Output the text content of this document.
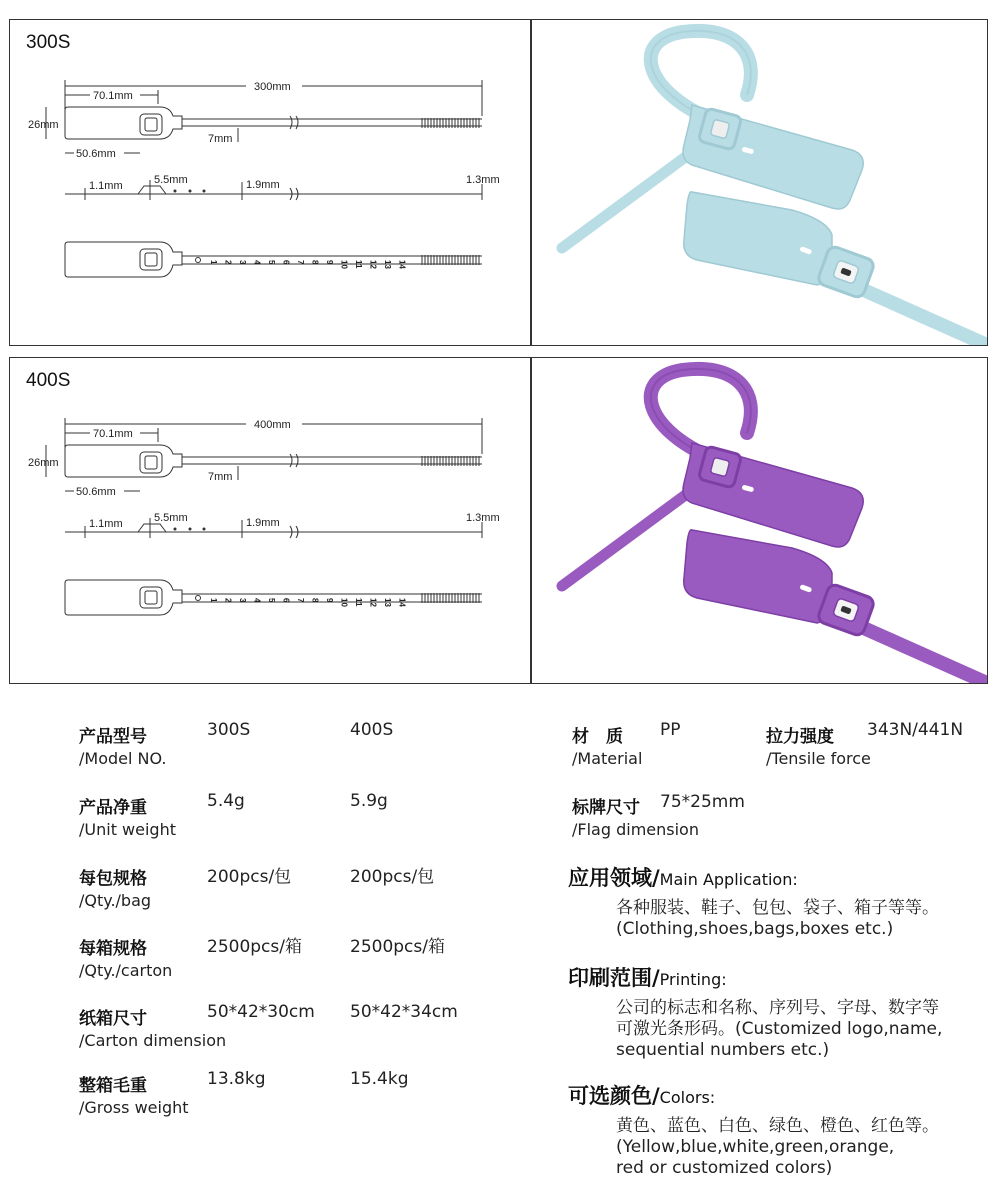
300S
300mm
70.1mm
26mm
50.6mm
7mm
1.1mm	5.5mm	1.9mm	1.3mm
1 2 3 4 5 6 7 8 9 10 11 12 13 14
400S
400mm
70.1mm
26mm
50.6mm
7mm
1.1mm	5.5mm	1.9mm	1.3mm
1 2 3 4 5 6 7 8 9 10 11 12 13 14
产品型号
/Model NO.
300S	400S
产品净重
/Unit weight
5.4g	5.9g
每包规格
/Qty./bag
200pcs/包	200pcs/包
每箱规格
/Qty./carton
2500pcs/箱	2500pcs/箱
纸箱尺寸
/Carton dimension
50*42*30cm 50*42*34cm
整箱毛重
/Gross weight
13.8kg	15.4kg
材　质
/Material
PP	拉力强度
/Tensile force
343N/441N
标牌尺寸
/Flag dimension
75*25mm
应用领域/Main Application:
各种服装、鞋子、包包、袋子、箱子等等。
(Clothing,shoes,bags,boxes etc.)
印刷范围/Printing:
公司的标志和名称、序列号、字母、数字等
可激光条形码。(Customized logo,name,
sequential numbers etc.)
可选颜色/Colors:
黄色、蓝色、白色、绿色、橙色、红色等。
(Yellow,blue,white,green,orange,
red or customized colors)
